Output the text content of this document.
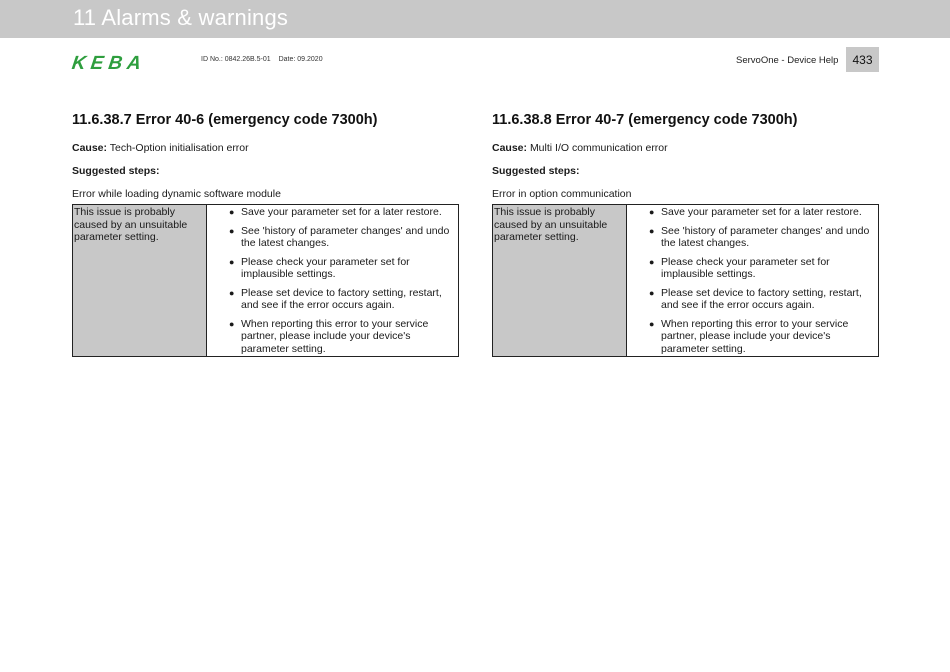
11 Alarms & warnings
KEBA	ID No.: 0842.26B.5-01 Date: 09.2020	ServoOne - Device Help	433
11.6.38.7 Error 40-6 (emergency code 7300h)
Cause: Tech-Option initialisation error
Suggested steps:
Error while loading dynamic software module
This issue is probably caused by an unsuitable parameter setting.
● Save your parameter set for a later restore.
● See 'history of parameter changes' and undo the latest changes.
● Please check your parameter set for implausible settings.
● Please set device to factory setting, restart, and see if the error occurs again.
● When reporting this error to your service partner, please include your device's parameter setting.
11.6.38.8 Error 40-7 (emergency code 7300h)
Cause: Multi I/O communication error
Suggested steps:
Error in option communication
This issue is probably caused by an unsuitable parameter setting.
● Save your parameter set for a later restore.
● See 'history of parameter changes' and undo the latest changes.
● Please check your parameter set for implausible settings.
● Please set device to factory setting, restart, and see if the error occurs again.
● When reporting this error to your service partner, please include your device's parameter setting.
